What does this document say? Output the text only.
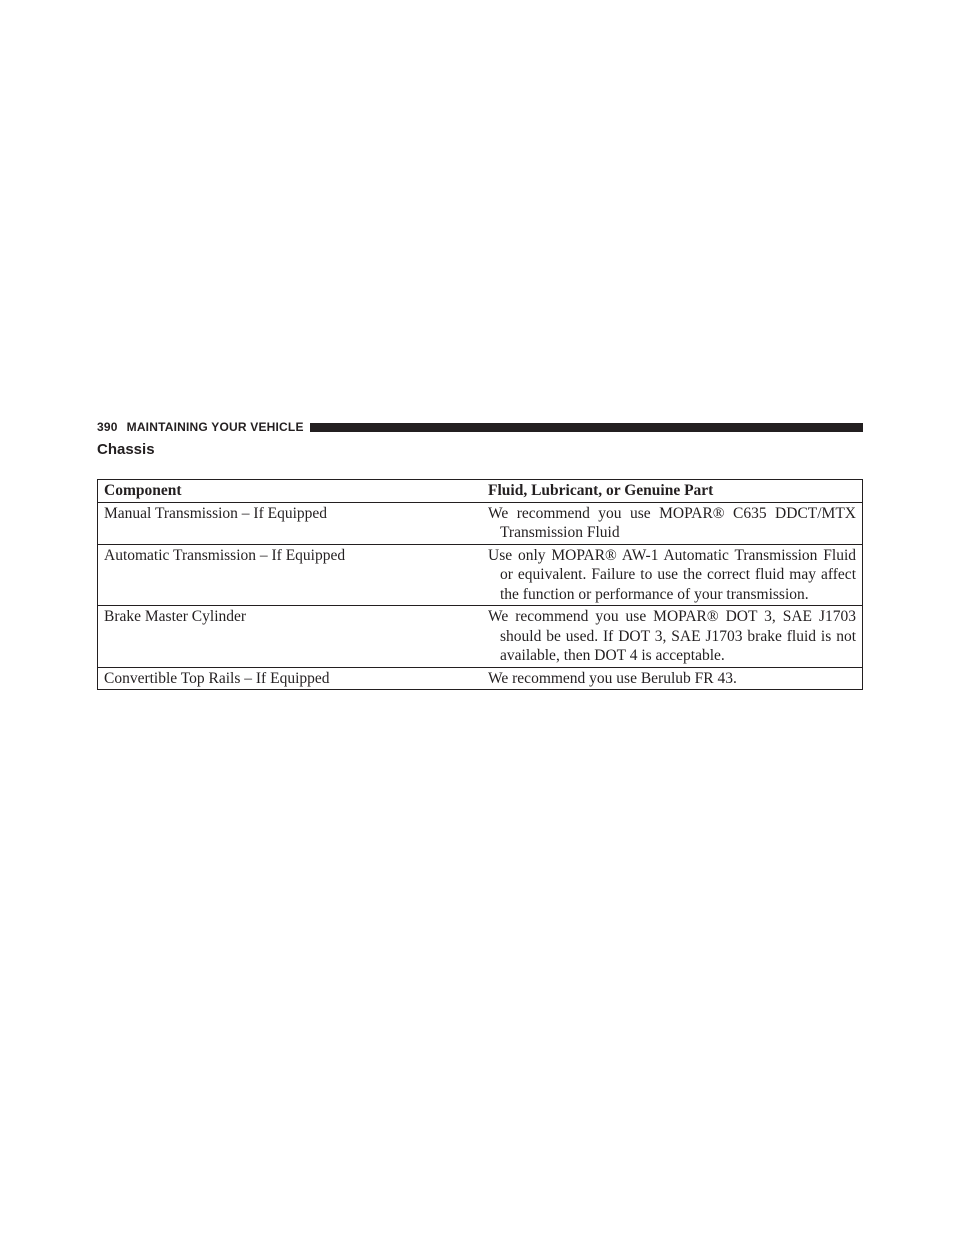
390 MAINTAINING YOUR VEHICLE
Chassis
Component	Fluid, Lubricant, or Genuine Part
Manual Transmission – If Equipped	We recommend you use MOPAR® C635 DDCT/MTX Transmission Fluid

Automatic Transmission – If Equipped	Use only MOPAR® AW-1 Automatic Transmission Fluid or equivalent. Failure to use the correct fluid may affect the function or performance of your transmission.

Brake Master Cylinder	We recommend you use MOPAR® DOT 3, SAE J1703 should be used. If DOT 3, SAE J1703 brake fluid is not available, then DOT 4 is acceptable.

Convertible Top Rails – If Equipped	We recommend you use Berulub FR 43.
